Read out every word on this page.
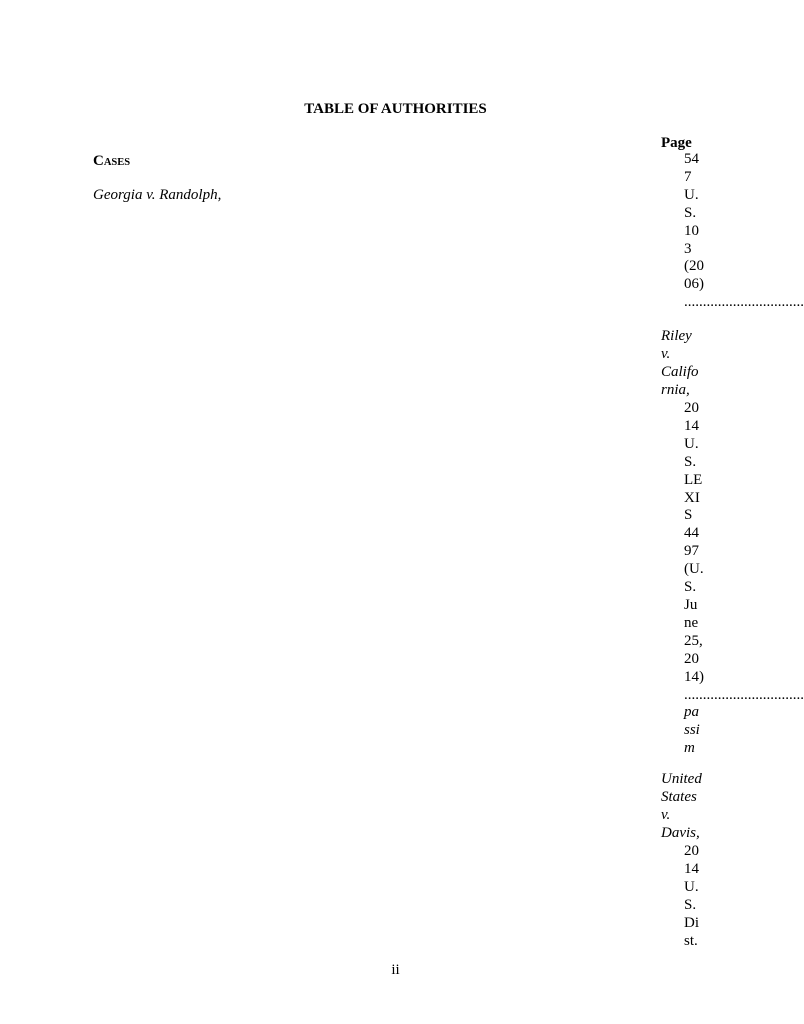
TABLE OF AUTHORITIES
Page
CASES
Georgia v. Randolph,
54
7
U.
S.
10
3
(20
06)
................................
Riley
v.
Califo
rnia,
20
14
U.
S.
LE
XI
S
44
97
(U.
S.
Ju
ne
25,
20
14)
................................
pa
ssi
m
United
States
v.
Davis,
20
14
U.
S.
Di
st.
ii
